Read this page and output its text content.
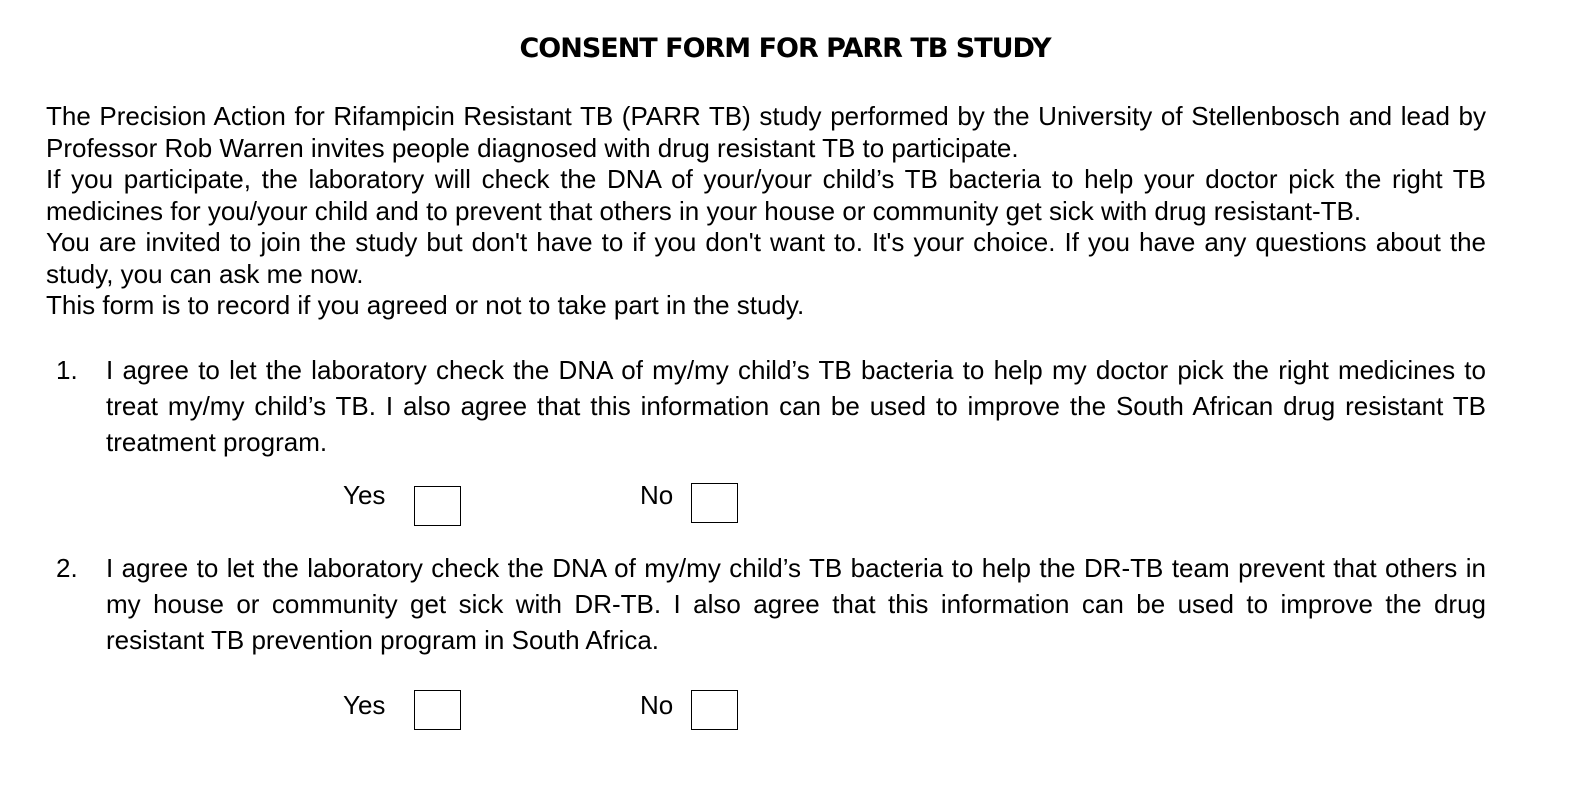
CONSENT FORM FOR PARR TB STUDY

The Precision Action for Rifampicin Resistant TB (PARR TB) study performed by the University of Stellenbosch and lead by Professor Rob Warren invites people diagnosed with drug resistant TB to participate.

If you participate, the laboratory will check the DNA of your/your child’s TB bacteria to help your doctor pick the right TB medicines for you/your child and to prevent that others in your house or community get sick with drug resistant-TB.

You are invited to join the study but don't have to if you don't want to. It's your choice. If you have any questions about the study, you can ask me now.

This form is to record if you agreed or not to take part in the study.

1. I agree to let the laboratory check the DNA of my/my child’s TB bacteria to help my doctor pick the right medicines to treat my/my child’s TB. I also agree that this information can be used to improve the South African drug resistant TB treatment program.

Yes	No
2. I agree to let the laboratory check the DNA of my/my child’s TB bacteria to help the DR-TB team prevent that others in my house or community get sick with DR-TB. I also agree that this information can be used to improve the drug resistant TB prevention program in South Africa.

Yes	No
